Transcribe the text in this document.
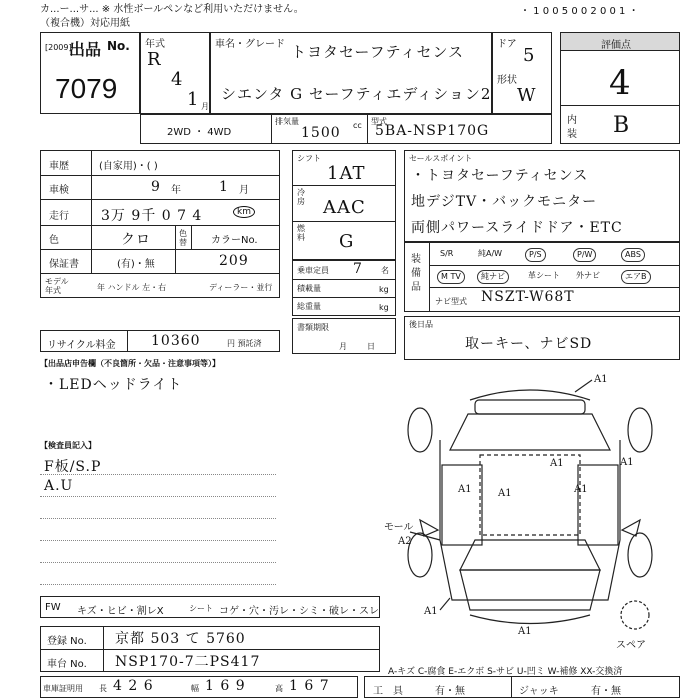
カ...ー...サ... ※ 水性ボールペンなど利用いただけません。	・ 1 0 0 5 0 0 2 0 0 1 ・
（複合機）対応用紙
出品 No.
[2009]
7079
年式
R
4
1 月
車名・グレード トヨタセーフティセンス
シエンタ G セーフティエディション2
ドア
5
形状
W
評価点
4
内
装 B
2WD ・ 4WD
排気量
1500 cc 型式
5BA-NSP170G
車歴	(自家用)・( )
車検	9 年	1 月
走行 3万 9千 0 7 4	km
色	クロ	色替 カラーNo.
保証書	(有)・無	209
モデル年式	年 ハンドル 左・右	ディーラー・並行
リサイクル料金	10360	円 預託済
シフト
1AT
冷房 AAC
燃料 G
乗車定員 7 名
積載量	kg
総重量	kg
書類期限
月日
セールスポイント
・トヨタセーフティセンス
地デジTV・バックモニター
両側パワースライドドア・ETC
装備品
S/R	純A/W	P/S	P/W	ABS
M TV	純ナビ	革シート	外ナビ	エアB
ナビ型式 NSZT-W68T
後日品
取ーキー、ナビSD
【出品店申告欄（不良箇所・欠品・注意事項等）】
・LEDヘッドライト
【検査員記入】
F板/S.P
A.U
A1
A1
A1	A1
A1
A1
A1
モール
A2
A1
スペア
FW キズ・ヒビ・割レX	シート コゲ・穴・汚レ・シミ・破レ・スレ
登録 No. 京都 503 て 5760
車台 No. NSP170-7二PS417
A-キズ C-腐食 E-エクボ S-サビ U-凹ミ W-補修 XX-交換済
車庫証明用 長 4 2 6	幅 1 6 9	高 1 6 7	工　具	有・無	ジャッキ	有・無
